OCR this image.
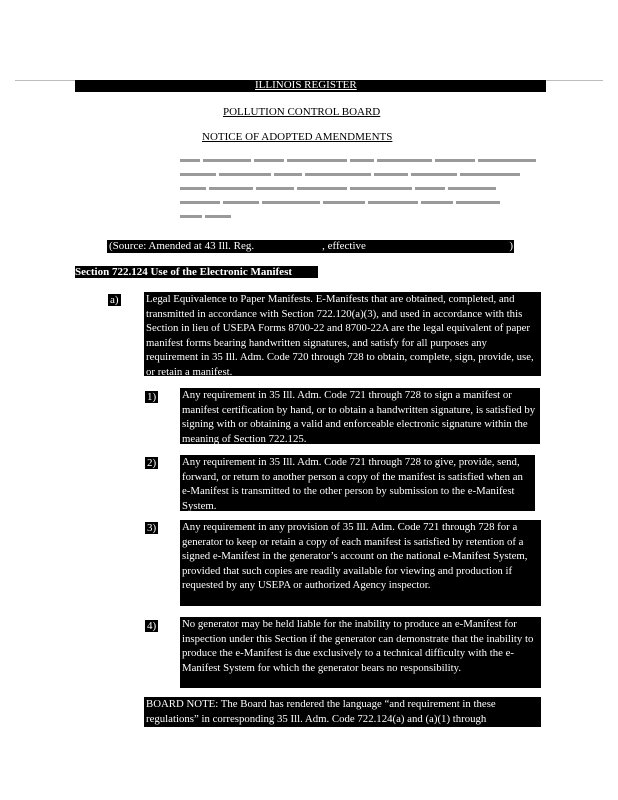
ILLINOIS REGISTER
POLLUTION CONTROL BOARD
NOTICE OF ADOPTED AMENDMENTS
(Source: Amended at 43 Ill. Reg.	, effective	)
Section 722.124 Use of the Electronic Manifest
a)	Legal Equivalence to Paper Manifests. E-Manifests that are obtained, completed, and transmitted in accordance with Section 722.120(a)(3), and used in accordance with this Section in lieu of USEPA Forms 8700-22 and 8700-22A are the legal equivalent of paper manifest forms bearing handwritten signatures, and satisfy for all purposes any requirement in 35 Ill. Adm. Code 720 through 728 to obtain, complete, sign, provide, use, or retain a manifest.
1) Any requirement in 35 Ill. Adm. Code 721 through 728 to sign a manifest or manifest certification by hand, or to obtain a handwritten signature, is satisfied by signing with or obtaining a valid and enforceable electronic signature within the meaning of Section 722.125.
2) Any requirement in 35 Ill. Adm. Code 721 through 728 to give, provide, send, forward, or return to another person a copy of the manifest is satisfied when an e-Manifest is transmitted to the other person by submission to the e-Manifest System.
3) Any requirement in any provision of 35 Ill. Adm. Code 721 through 728 for a generator to keep or retain a copy of each manifest is satisfied by retention of a signed e-Manifest in the generator’s account on the national e-Manifest System, provided that such copies are readily available for viewing and production if requested by any USEPA or authorized Agency inspector.
4) No generator may be held liable for the inability to produce an e-Manifest for inspection under this Section if the generator can demonstrate that the inability to produce the e-Manifest is due exclusively to a technical difficulty with the e-Manifest System for which the generator bears no responsibility.
BOARD NOTE: The Board has rendered the language “and requirement in these regulations” in corresponding 35 Ill. Adm. Code 722.124(a) and (a)(1) through
